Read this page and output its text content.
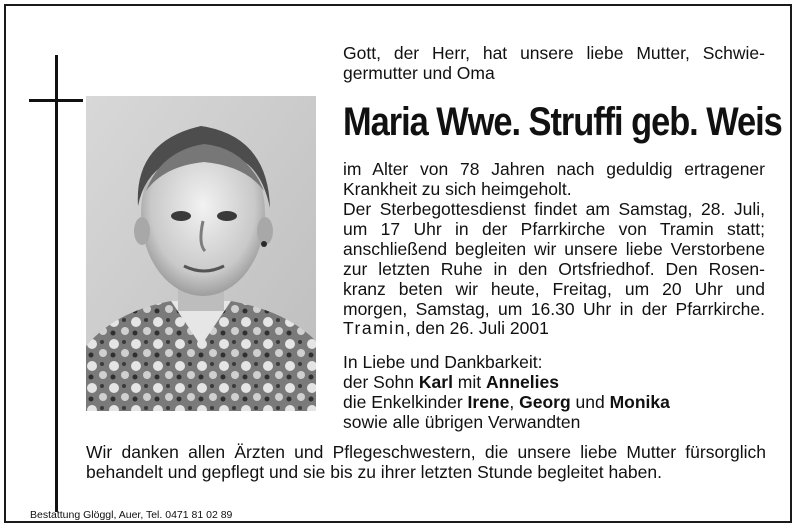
Gott, der Herr, hat unsere liebe Mutter, Schwie-
germutter und Oma
Maria Wwe. Struffi geb. Weis
im Alter von 78 Jahren nach geduldig ertragener
Krankheit zu sich heimgeholt.
Der Sterbegottesdienst findet am Samstag, 28. Juli,
um 17 Uhr in der Pfarrkirche von Tramin statt;
anschließend begleiten wir unsere liebe Verstorbene
zur letzten Ruhe in den Ortsfriedhof. Den Rosen-
kranz beten wir heute, Freitag, um 20 Uhr und
morgen, Samstag, um 16.30 Uhr in der Pfarrkirche.
Tramin, den 26. Juli 2001
In Liebe und Dankbarkeit:
der Sohn Karl mit Annelies
die Enkelkinder Irene, Georg und Monika
sowie alle übrigen Verwandten
Wir danken allen Ärzten und Pflegeschwestern, die unsere liebe Mutter fürsorglich
behandelt und gepflegt und sie bis zu ihrer letzten Stunde begleitet haben.
Bestattung Glöggl, Auer, Tel. 0471 81 02 89
